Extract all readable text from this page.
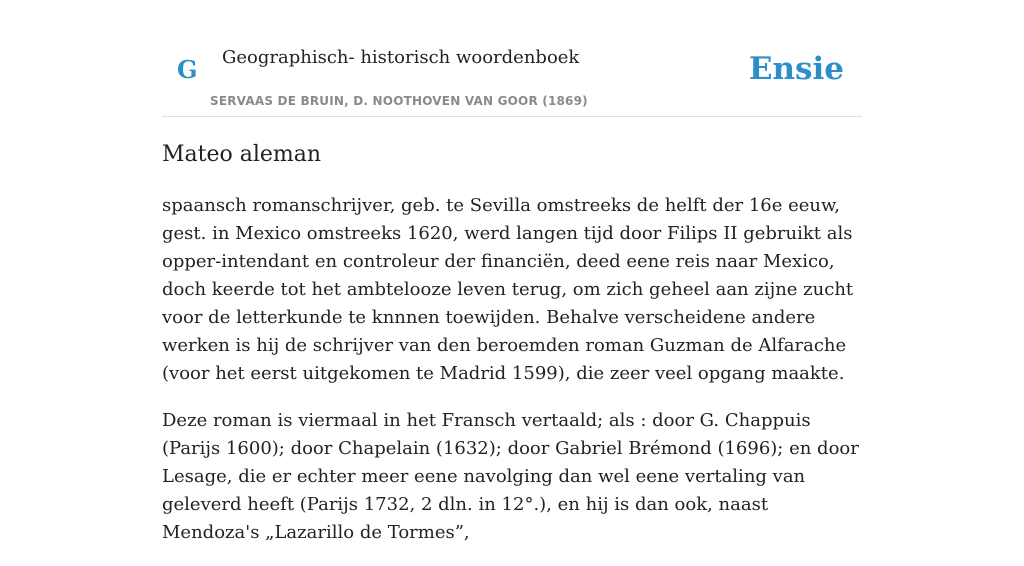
G Geographisch- historisch woordenboek
SERVAAS DE BRUIN, D. NOOTHOVEN VAN GOOR (1869)
Ensie
Mateo aleman

spaansch romanschrijver, geb. te Sevilla omstreeks de helft der 16e eeuw, gest. in Mexico omstreeks 1620, werd langen tijd door Filips II gebruikt als opper-intendant en controleur der financiën, deed eene reis naar Mexico, doch keerde tot het ambtelooze leven terug, om zich geheel aan zijne zucht voor de letterkunde te knnnen toewijden. Behalve verscheidene andere werken is hij de schrijver van den beroemden roman Guzman de Alfarache (voor het eerst uitgekomen te Madrid 1599), die zeer veel opgang maakte.

Deze roman is viermaal in het Fransch vertaald; als : door G. Chappuis (Parijs 1600); door Chapelain (1632); door Gabriel Brémond (1696); en door Lesage, die er echter meer eene navolging dan wel eene vertaling van geleverd heeft (Parijs 1732, 2 dln. in 12°.), en hij is dan ook, naast Mendoza's „Lazarillo de Tormes”,
